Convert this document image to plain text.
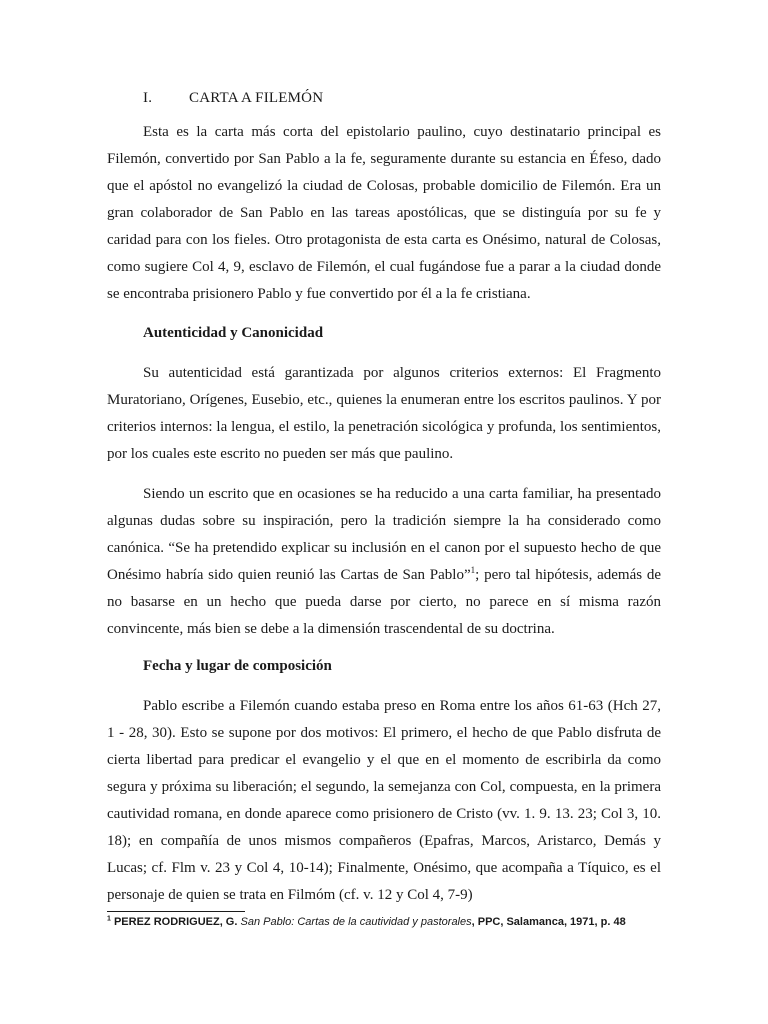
I. CARTA A FILEMÓN

Esta es la carta más corta del epistolario paulino, cuyo destinatario principal es Filemón, convertido por San Pablo a la fe, seguramente durante su estancia en Éfeso, dado que el apóstol no evangelizó la ciudad de Colosas, probable domicilio de Filemón. Era un gran colaborador de San Pablo en las tareas apostólicas, que se distinguía por su fe y caridad para con los fieles. Otro protagonista de esta carta es Onésimo, natural de Colosas, como sugiere Col 4, 9, esclavo de Filemón, el cual fugándose fue a parar a la ciudad donde se encontraba prisionero Pablo y fue convertido por él a la fe cristiana.

Autenticidad y Canonicidad

Su autenticidad está garantizada por algunos criterios externos: El Fragmento Muratoriano, Orígenes, Eusebio, etc., quienes la enumeran entre los escritos paulinos. Y por criterios internos: la lengua, el estilo, la penetración sicológica y profunda, los sentimientos, por los cuales este escrito no pueden ser más que paulino.

Siendo un escrito que en ocasiones se ha reducido a una carta familiar, ha presentado algunas dudas sobre su inspiración, pero la tradición siempre la ha considerado como canónica. “Se ha pretendido explicar su inclusión en el canon por el supuesto hecho de que Onésimo habría sido quien reunió las Cartas de San Pablo”$^1$; pero tal hipótesis, además de no basarse en un hecho que pueda darse por cierto, no parece en sí misma razón convincente, más bien se debe a la dimensión trascendental de su doctrina.

Fecha y lugar de composición

Pablo escribe a Filemón cuando estaba preso en Roma entre los años 61-63 (Hch 27, 1 - 28, 30). Esto se supone por dos motivos: El primero, el hecho de que Pablo disfruta de cierta libertad para predicar el evangelio y el que en el momento de escribirla da como segura y próxima su liberación; el segundo, la semejanza con Col, compuesta, en la primera cautividad romana, en donde aparece como prisionero de Cristo (vv. 1. 9. 13. 23; Col 3, 10. 18); en compañía de unos mismos compañeros (Epafras, Marcos, Aristarco, Demás y Lucas; cf. Flm v. 23 y Col 4, 10-14); Finalmente, Onésimo, que acompaña a Tíquico, es el personaje de quien se trata en Filmóm (cf. v. 12 y Col 4, 7-9)

$^1$ PEREZ RODRIGUEZ, G. San Pablo: Cartas de la cautividad y pastorales, PPC, Salamanca, 1971, p. 48
